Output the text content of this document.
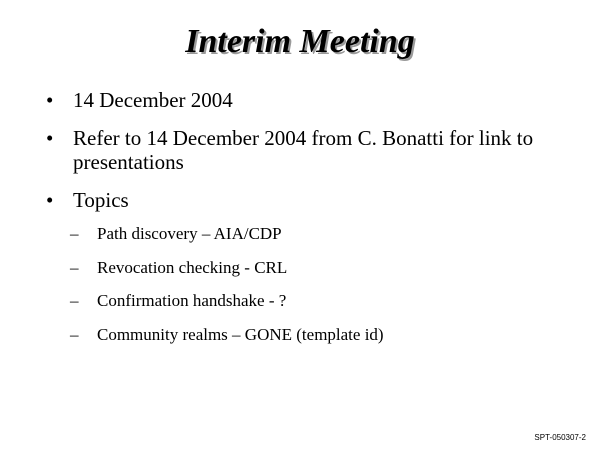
Interim Meeting
• 14 December 2004
• Refer to 14 December 2004 from C. Bonatti for link to presentations
• Topics
– Path discovery – AIA/CDP
– Revocation checking - CRL
– Confirmation handshake - ?
– Community realms – GONE (template id)
SPT-050307-2
